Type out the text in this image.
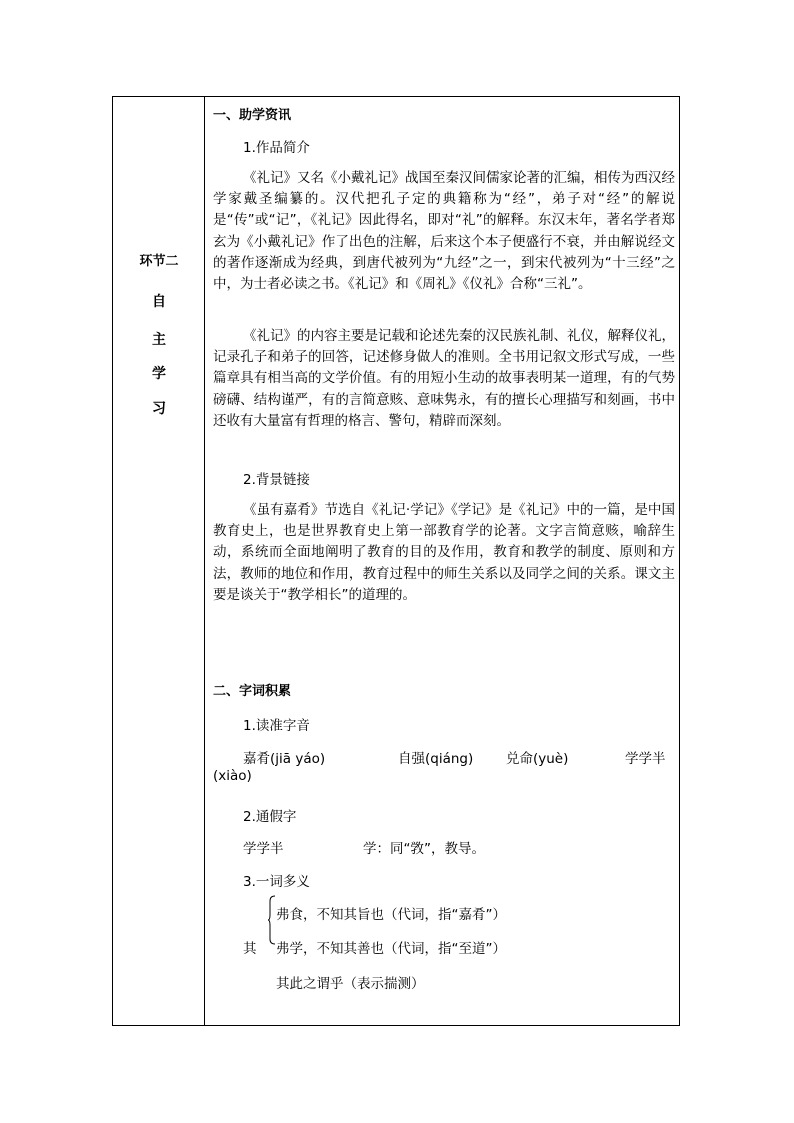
环节二
自
主
学
习
一、助学资讯
1.作品简介
《礼记》又名《小戴礼记》战国至秦汉间儒家论著的汇编，相传为西汉经学家戴圣编纂的。汉代把孔子定的典籍称为“经”，弟子对“经”的解说是“传”或“记”，《礼记》因此得名，即对“礼”的解释。东汉末年，著名学者郑玄为《小戴礼记》作了出色的注解，后来这个本子便盛行不衰，并由解说经文的著作逐渐成为经典，到唐代被列为“九经”之一，到宋代被列为“十三经”之中，为士者必读之书。《礼记》和《周礼》《仪礼》合称“三礼”。
《礼记》的内容主要是记载和论述先秦的汉民族礼制、礼仪，解释仪礼，记录孔子和弟子的回答，记述修身做人的准则。全书用记叙文形式写成，一些篇章具有相当高的文学价值。有的用短小生动的故事表明某一道理，有的气势磅礴、结构谨严，有的言简意赅、意味隽永，有的擅长心理描写和刻画，书中还收有大量富有哲理的格言、警句，精辟而深刻。
2.背景链接
《虽有嘉肴》节选自《礼记·学记》《学记》是《礼记》中的一篇，是中国教育史上，也是世界教育史上第一部教育学的论著。文字言简意赅，喻辞生动，系统而全面地阐明了教育的目的及作用，教育和教学的制度、原则和方法，教师的地位和作用，教育过程中的师生关系以及同学之间的关系。课文主要是谈关于“教学相长”的道理的。
二、字词积累
1.读准字音
嘉肴(jiā yáo)	自强(qiáng) 兑命(yuè)	学学半
(xiào)
2.通假字
学学半	学：同“敩”，教导。
3.一词多义
弗食，不知其旨也（代词，指“嘉肴”）
其 弗学，不知其善也（代词，指“至道”）
其此之谓乎（表示揣测）
